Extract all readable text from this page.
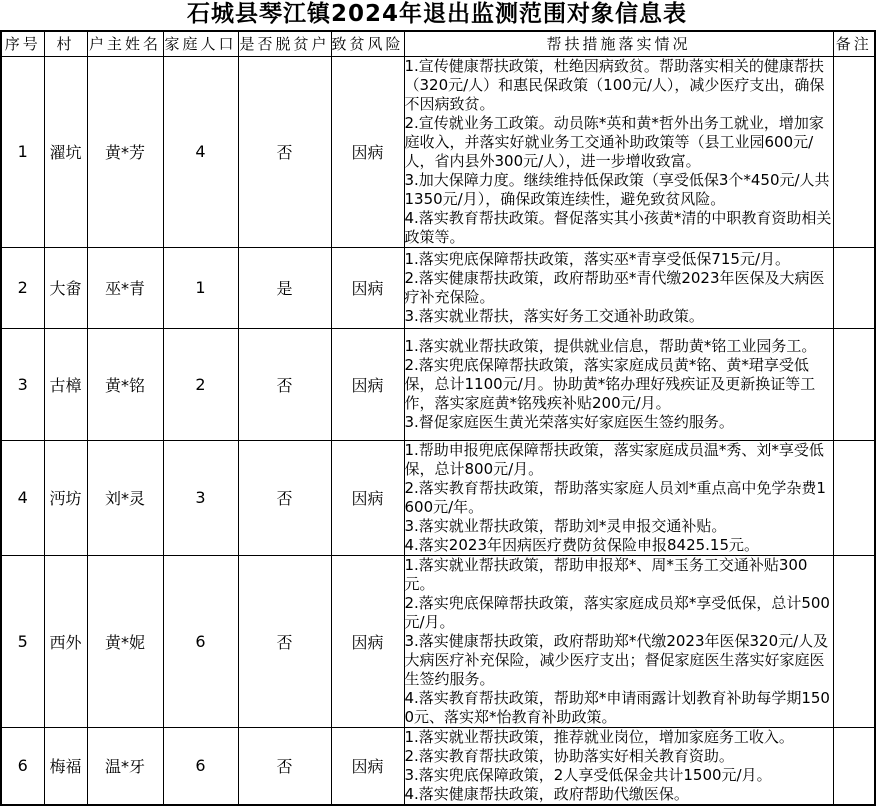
石城县琴江镇2024年退出监测范围对象信息表
序号	村	户主姓名	家庭人口	是否脱贫户	致贫风险	帮扶措施落实情况	备注
1	濯坑	黄*芳	4	否	因病	1.宣传健康帮扶政策，杜绝因病致贫。帮助落实相关的健康帮扶（320元/人）和惠民保政策（100元/人），减少医疗支出，确保不因病致贫。
2.宣传就业务工政策。动员陈*英和黄*哲外出务工就业，增加家庭收入，并落实好就业务工交通补助政策等（县工业园600元/人，省内县外300元/人），进一步增收致富。
3.加大保障力度。继续维持低保政策（享受低保3个*450元/人共1350元/月），确保政策连续性，避免致贫风险。
4.落实教育帮扶政策。督促落实其小孩黄*清的中职教育资助相关政策等。	

2	大畲	巫*青	1	是	因病	1.落实兜底保障帮扶政策，落实巫*青享受低保715元/月。
2.落实健康帮扶政策，政府帮助巫*青代缴2023年医保及大病医疗补充保险。
3.落实就业帮扶，落实好务工交通补助政策。	

3	古樟	黄*铭	2	否	因病	1.落实就业帮扶政策，提供就业信息，帮助黄*铭工业园务工。
2.落实兜底保障帮扶政策，落实家庭成员黄*铭、黄*珺享受低保，总计1100元/月。协助黄*铭办理好残疾证及更新换证等工作，落实家庭黄*铭残疾补贴200元/月。
3.督促家庭医生黄光荣落实好家庭医生签约服务。	

4	沔坊	刘*灵	3	否	因病	1.帮助申报兜底保障帮扶政策，落实家庭成员温*秀、刘*享受低保，总计800元/月。
2.落实教育帮扶政策，帮助落实家庭人员刘*重点高中免学杂费1600元/年。
3.落实就业帮扶政策，帮助刘*灵申报交通补贴。
4.落实2023年因病医疗费防贫保险申报8425.15元。	

5	西外	黄*妮	6	否	因病	1.落实就业帮扶政策，帮助申报郑*、周*玉务工交通补贴300元。
2.落实兜底保障帮扶政策，落实家庭成员郑*享受低保，总计500元/月。
3.落实健康帮扶政策，政府帮助郑*代缴2023年医保320元/人及大病医疗补充保险，减少医疗支出；督促家庭医生落实好家庭医生签约服务。
4.落实教育帮扶政策，帮助郑*申请雨露计划教育补助每学期1500元、落实郑*怡教育补助政策。	

6	梅福	温*牙	6	否	因病	1.落实就业帮扶政策，推荐就业岗位，增加家庭务工收入。
2.落实教育帮扶政策，协助落实好相关教育资助。
3.落实兜底保障政策，2人享受低保金共计1500元/月。
4.落实健康帮扶政策，政府帮助代缴医保。	
